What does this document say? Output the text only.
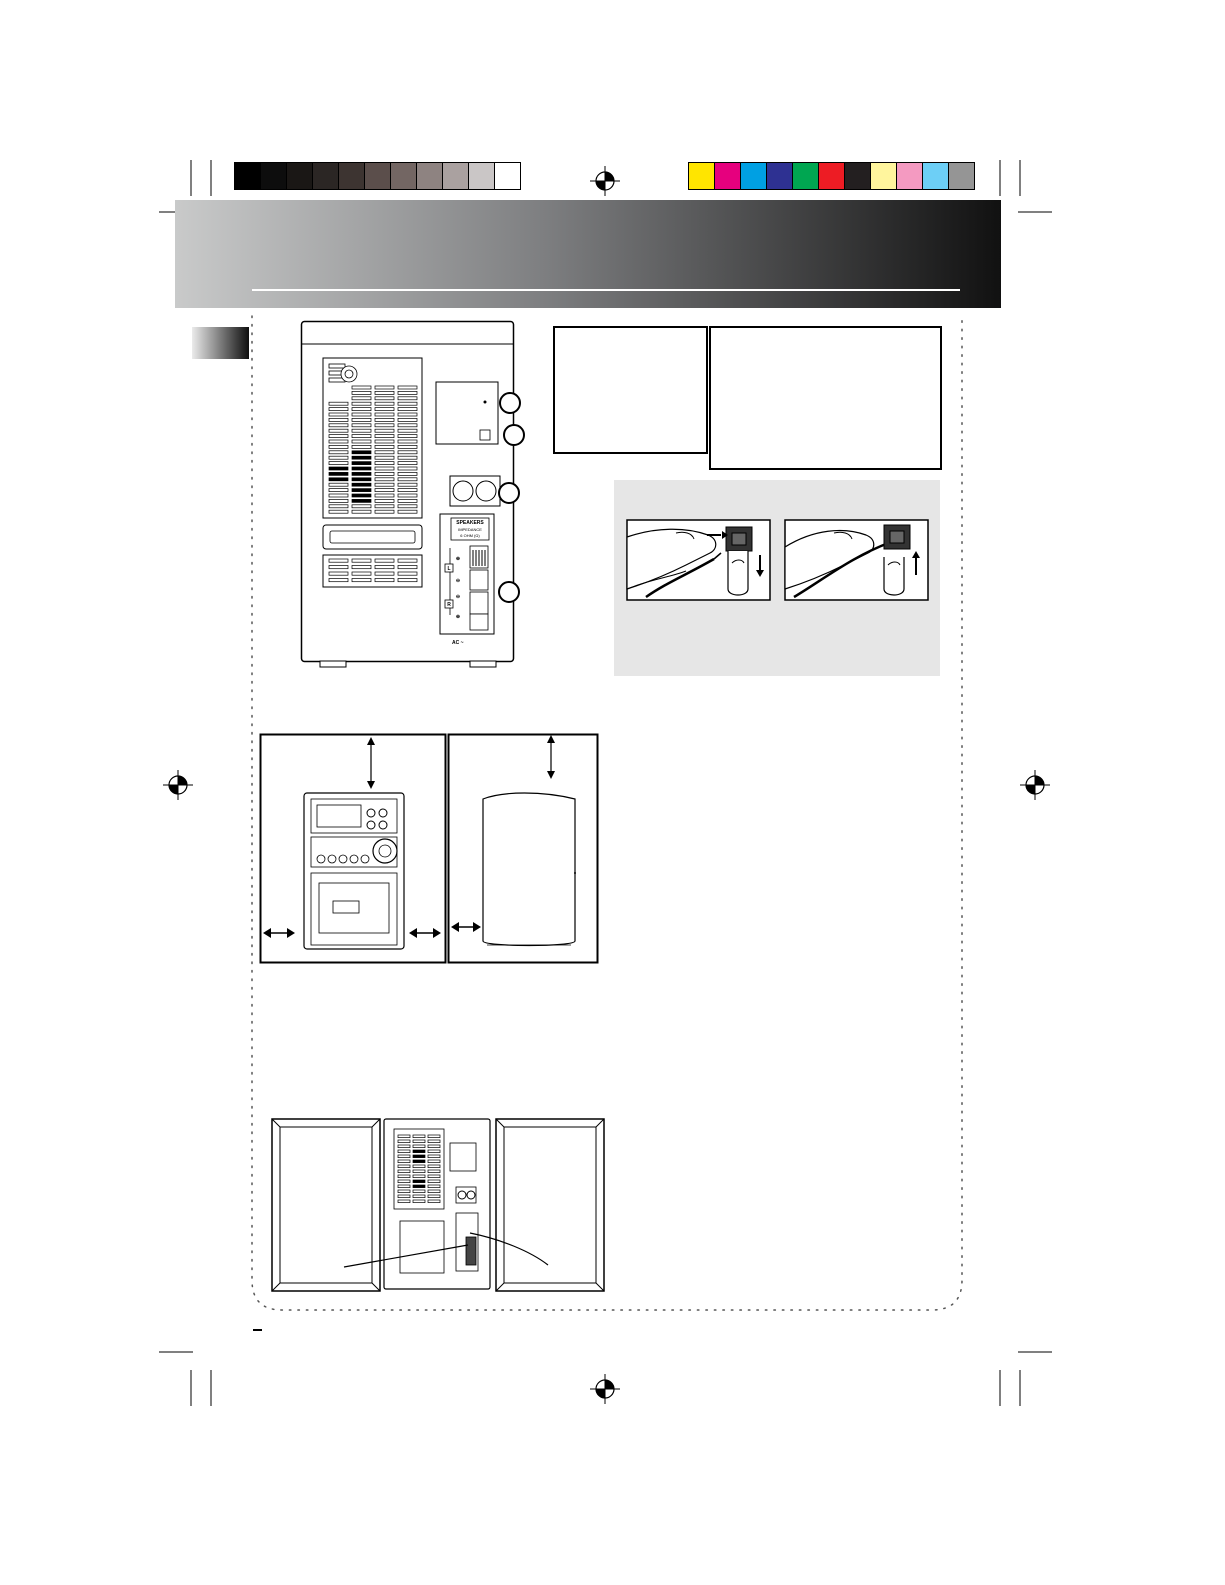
SPEAKERS
IMPEDANCE
6 OHM (Ω)
L
R
⊕
⊖
⊖
⊕
AC ~
